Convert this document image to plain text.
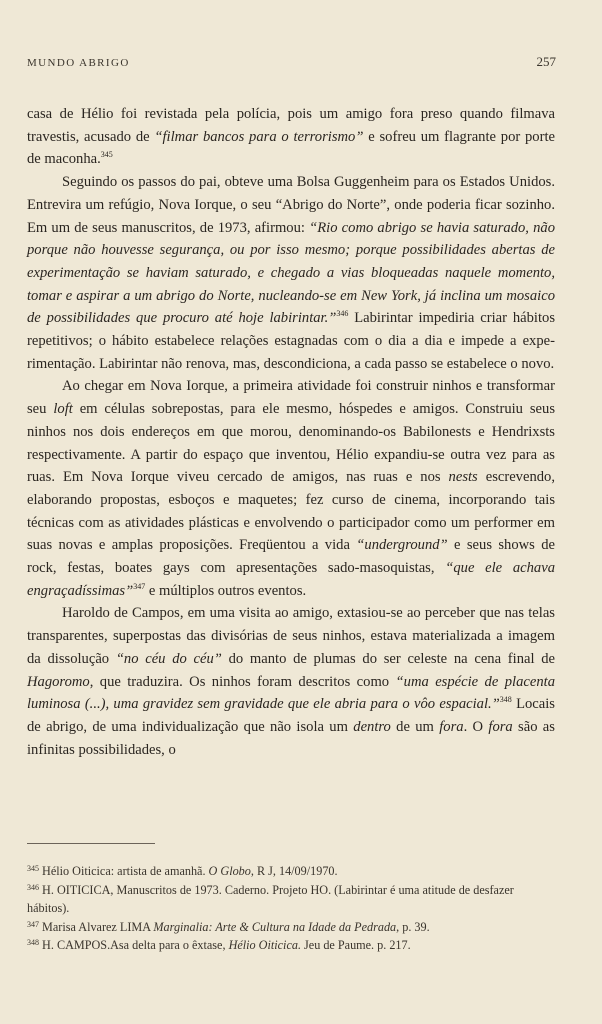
MUNDO ABRIGO	257

casa de Hélio foi revistada pela polícia, pois um amigo fora preso quando filmava travestis, acusado de “filmar bancos para o terrorismo” e sofreu um flagrante por porte de maconha.$^{345}$

Seguindo os passos do pai, obteve uma Bolsa Guggenheim para os Estados Unidos. Entrevira um refúgio, Nova Iorque, o seu “Abrigo do Norte”, onde poderia ficar sozinho. Em um de seus manuscritos, de 1973, afirmou: “Rio como abrigo se havia saturado, não porque não houvesse segurança, ou por isso mesmo; porque possibilidades abertas de experimentação se haviam saturado, e chegado a vias bloqueadas naquele momento, tomar e aspirar a um abrigo do Norte, nucleando-se em New York, já inclina um mosaico de possibilidades que procuro até hoje labirintar.”$^{346}$ Labirintar impediria criar hábitos repetitivos; o hábito estabelece relações estagnadas com o dia a dia e impede a experimentação. Labirintar não renova, mas, descondiciona, a cada passo se estabelece o novo.

Ao chegar em Nova Iorque, a primeira atividade foi construir ninhos e transformar seu loft em células sobrepostas, para ele mesmo, hóspedes e amigos. Construiu seus ninhos nos dois endereços em que morou, denominando-os Babilonests e Hendrixsts respectivamente. A partir do espaço que inventou, Hélio expandiu-se outra vez para as ruas. Em Nova Iorque viveu cercado de amigos, nas ruas e nos nests escrevendo, elaborando propostas, esboços e maquetes; fez curso de cinema, incorporando tais técnicas com as atividades plásticas e envolvendo o participador como um performer em suas novas e amplas proposições. Freqüentou a vida “underground” e seus shows de rock, festas, boates gays com apresentações sado-masoquistas, “que ele achava engraçadíssimas”$^{347}$ e múltiplos outros eventos.

Haroldo de Campos, em uma visita ao amigo, extasiou-se ao perceber que nas telas transparentes, superpostas das divisórias de seus ninhos, estava materializada a imagem da dissolução “no céu do céu” do manto de plumas do ser celeste na cena final de Hagoromo, que traduzira. Os ninhos foram descritos como “uma espécie de placenta luminosa (...), uma gravidez sem gravidade que ele abria para o vôo espacial.”$^{348}$ Locais de abrigo, de uma individualização que não isola um dentro de um fora. O fora são as infinitas possibilidades, o

$^{345}$ Hélio Oiticica: artista de amanhã. O Globo, R J, 14/09/1970.

$^{346}$ H. OITICICA, Manuscritos de 1973. Caderno. Projeto HO. (Labirintar é uma atitude de desfazer hábitos).

$^{347}$ Marisa Alvarez LIMA Marginalia: Arte & Cultura na Idade da Pedrada, p. 39.

$^{348}$ H. CAMPOS.Asa delta para o êxtase, Hélio Oiticica. Jeu de Paume. p. 217.
